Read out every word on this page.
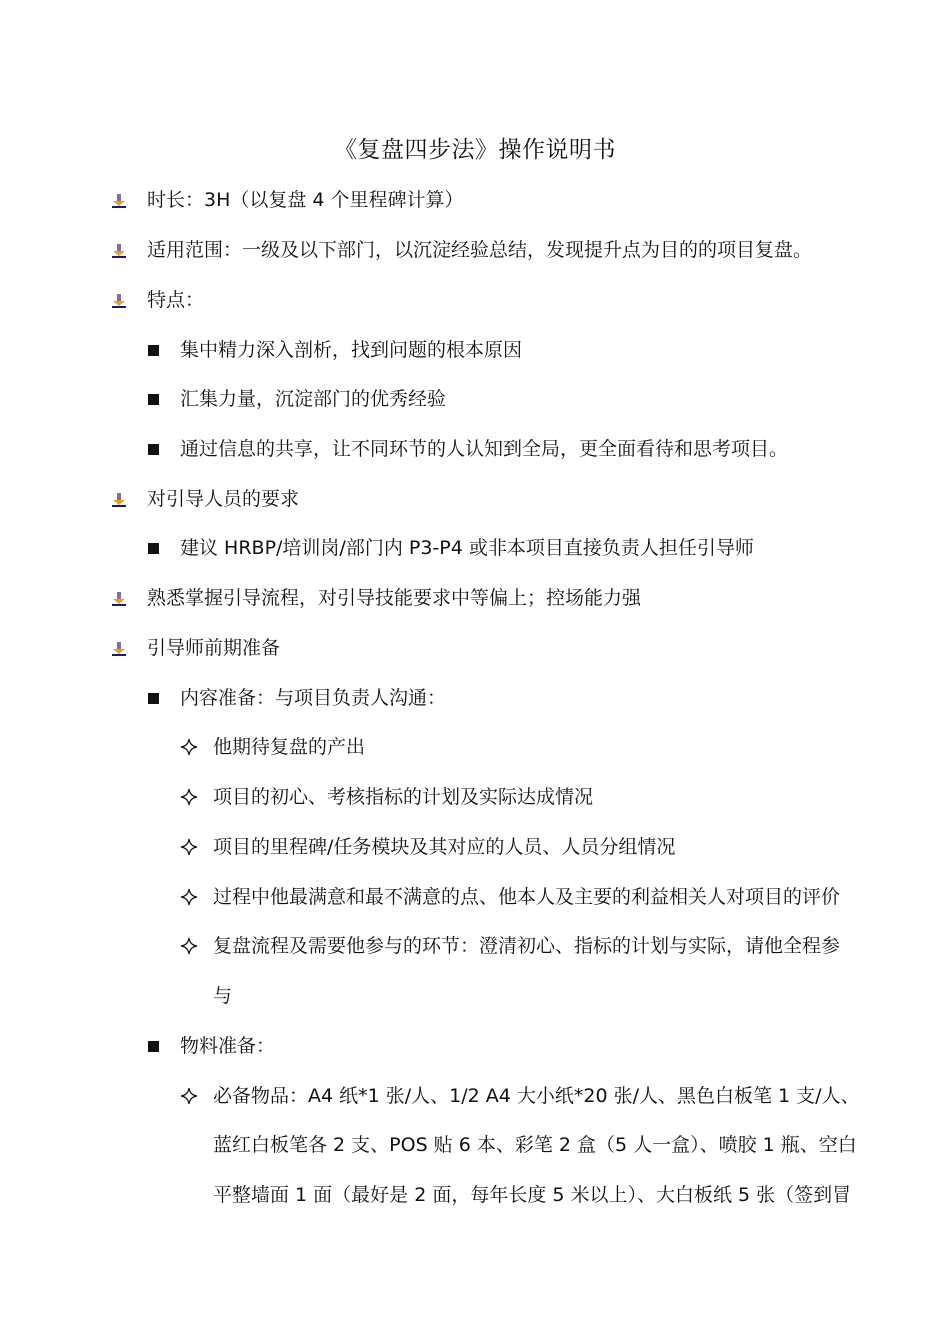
《复盘四步法》操作说明书
时长：3H（以复盘 4 个里程碑计算）
适用范围：一级及以下部门，以沉淀经验总结，发现提升点为目的的项目复盘。
特点：
集中精力深入剖析，找到问题的根本原因
汇集力量，沉淀部门的优秀经验
通过信息的共享，让不同环节的人认知到全局，更全面看待和思考项目。
对引导人员的要求
建议 HRBP/培训岗/部门内 P3-P4 或非本项目直接负责人担任引导师
熟悉掌握引导流程，对引导技能要求中等偏上；控场能力强
引导师前期准备
内容准备：与项目负责人沟通：
他期待复盘的产出
项目的初心、考核指标的计划及实际达成情况
项目的里程碑/任务模块及其对应的人员、人员分组情况
过程中他最满意和最不满意的点、他本人及主要的利益相关人对项目的评价
复盘流程及需要他参与的环节：澄清初心、指标的计划与实际，请他全程参
与
物料准备：
必备物品：A4 纸*1 张/人、1/2 A4 大小纸*20 张/人、黑色白板笔 1 支/人、
蓝红白板笔各 2 支、POS 贴 6 本、彩笔 2 盒（5 人一盒）、喷胶 1 瓶、空白
平整墙面 1 面（最好是 2 面，每年长度 5 米以上）、大白板纸 5 张（签到冒
